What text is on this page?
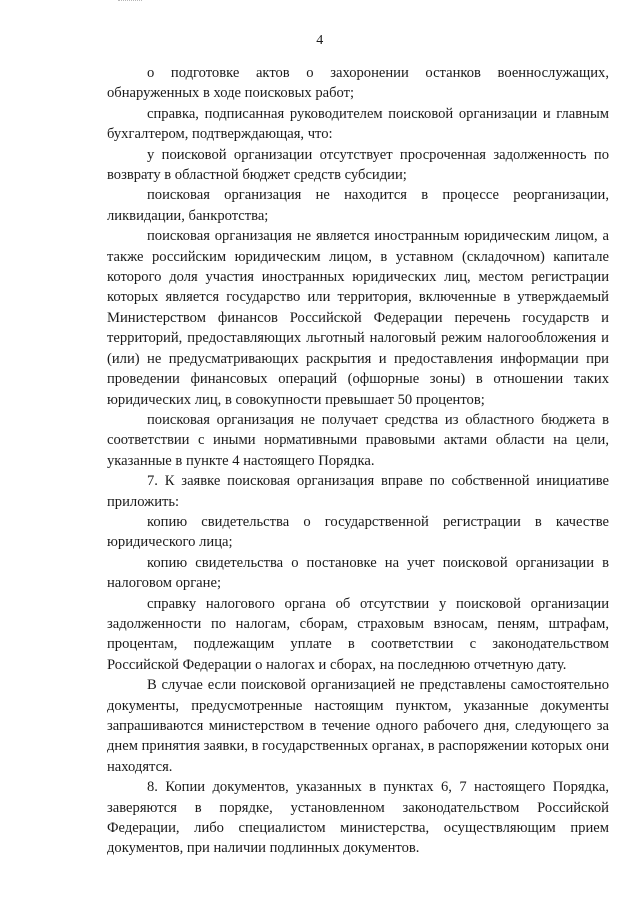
4

о подготовке актов о захоронении останков военнослужащих, обнаруженных в ходе поисковых работ;

справка, подписанная руководителем поисковой организации и главным бухгалтером, подтверждающая, что:

у поисковой организации отсутствует просроченная задолженность по возврату в областной бюджет средств субсидии;

поисковая организация не находится в процессе реорганизации, ликвидации, банкротства;

поисковая организация не является иностранным юридическим лицом, а также российским юридическим лицом, в уставном (складочном) капитале которого доля участия иностранных юридических лиц, местом регистрации которых является государство или территория, включенные в утверждаемый Министерством финансов Российской Федерации перечень государств и территорий, предоставляющих льготный налоговый режим налогообложения и (или) не предусматривающих раскрытия и предоставления информации при проведении финансовых операций (офшорные зоны) в отношении таких юридических лиц, в совокупности превышает 50 процентов;

поисковая организация не получает средства из областного бюджета в соответствии с иными нормативными правовыми актами области на цели, указанные в пункте 4 настоящего Порядка.

7. К заявке поисковая организация вправе по собственной инициативе приложить:

копию свидетельства о государственной регистрации в качестве юридического лица;

копию свидетельства о постановке на учет поисковой организации в налоговом органе;

справку налогового органа об отсутствии у поисковой организации задолженности по налогам, сборам, страховым взносам, пеням, штрафам, процентам, подлежащим уплате в соответствии с законодательством Российской Федерации о налогах и сборах, на последнюю отчетную дату.

В случае если поисковой организацией не представлены самостоятельно документы, предусмотренные настоящим пунктом, указанные документы запрашиваются министерством в течение одного рабочего дня, следующего за днем принятия заявки, в государственных органах, в распоряжении которых они находятся.

8. Копии документов, указанных в пунктах 6, 7 настоящего Порядка, заверяются в порядке, установленном законодательством Российской Федерации, либо специалистом министерства, осуществляющим прием документов, при наличии подлинных документов.
